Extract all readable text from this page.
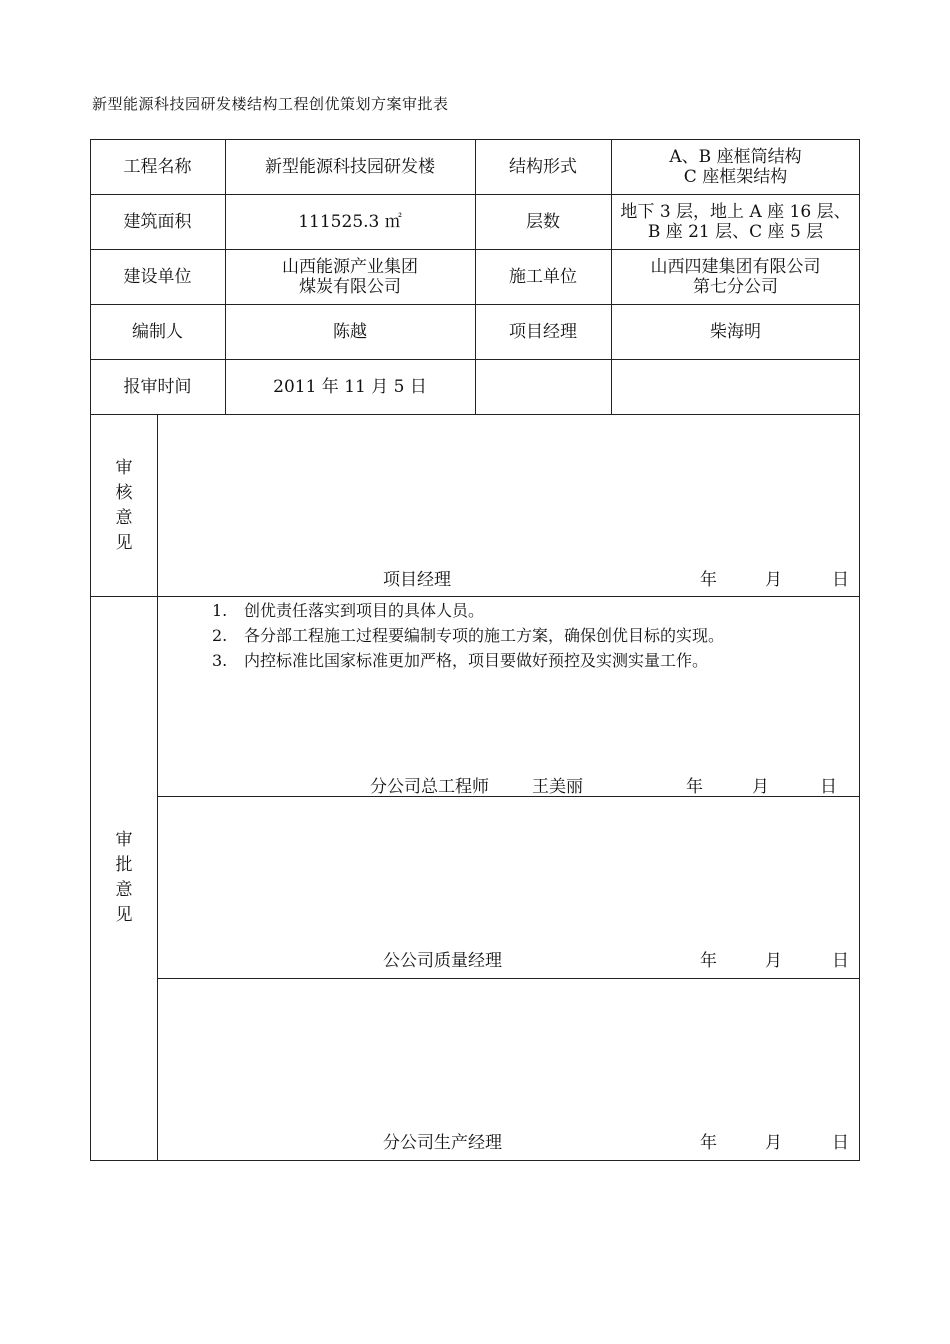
新型能源科技园研发楼结构工程创优策划方案审批表
工程名称	新型能源科技园研发楼	结构形式	A、B 座框筒结构
C 座框架结构
建筑面积	111525.3 ㎡	层数	地下 3 层，地上 A 座 16 层、
B 座 21 层、C 座 5 层
建设单位	山西能源产业集团
煤炭有限公司	施工单位	山西四建集团有限公司
第七分公司
编制人	陈越	项目经理	柴海明
报审时间	2011 年 11 月 5 日
审
核
意
见
项目经理	年	月	日
审
批
意
见
1. 创优责任落实到项目的具体人员。
2. 各分部工程施工过程要编制专项的施工方案，确保创优目标的实现。
3. 内控标准比国家标准更加严格，项目要做好预控及实测实量工作。
分公司总工程师	王美丽	年	月	日
公公司质量经理	年	月	日
分公司生产经理	年	月	日
